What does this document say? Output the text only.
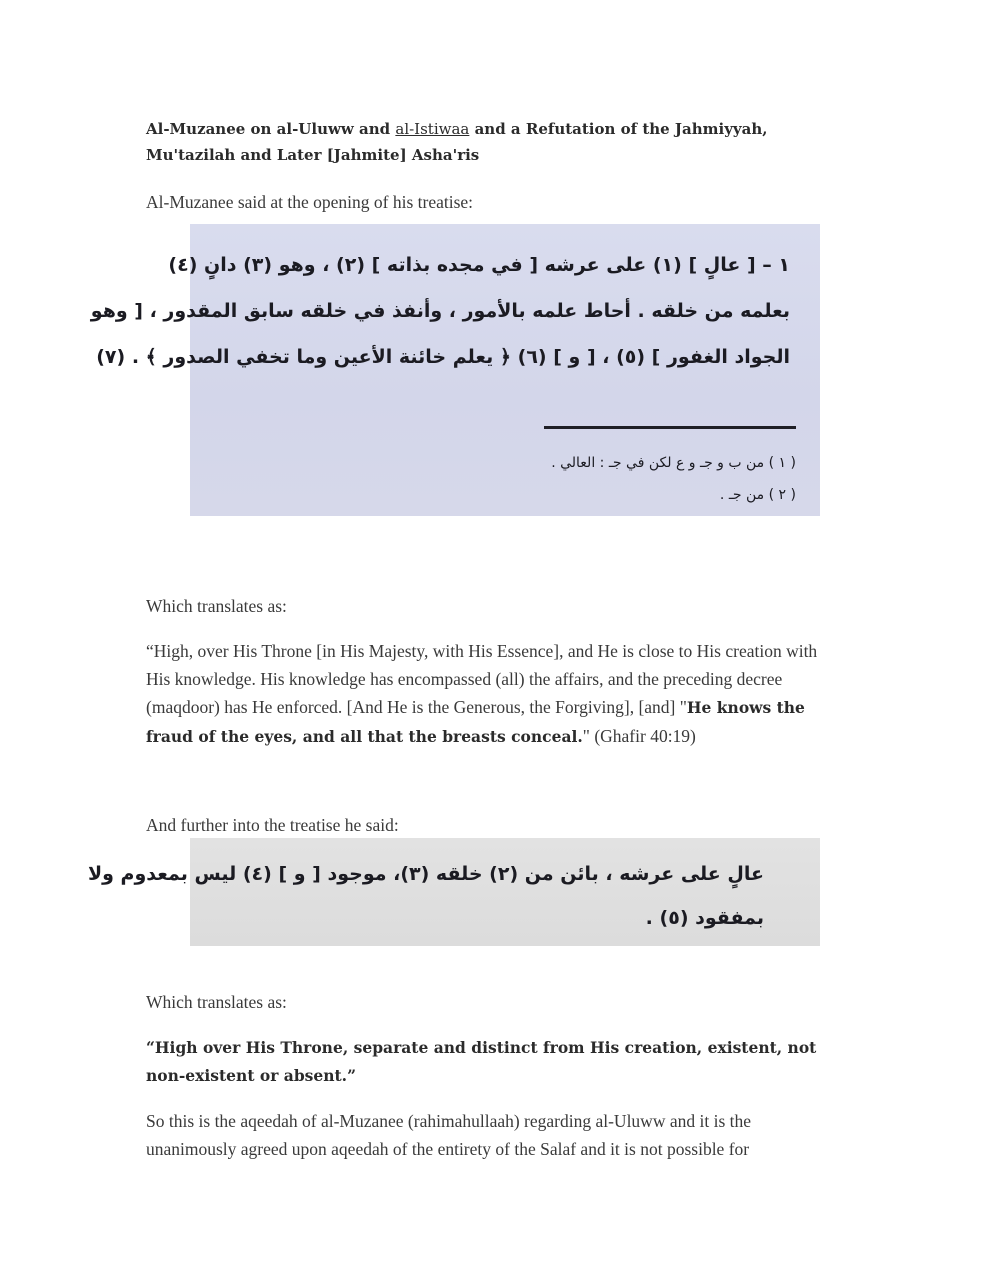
Al-Muzanee on al-Uluww and al-Istiwaa and a Refutation of the Jahmiyyah, Mu'tazilah and Later [Jahmite] Asha'ris

Al-Muzanee said at the opening of his treatise:

Which translates as:

“High, over His Throne [in His Majesty, with His Essence], and He is close to His creation with His knowledge. His knowledge has encompassed (all) the affairs, and the preceding decree (maqdoor) has He enforced. [And He is the Generous, the Forgiving], [and] "He knows the fraud of the eyes, and all that the breasts conceal." (Ghafir 40:19)

And further into the treatise he said:

Which translates as:

“High over His Throne, separate and distinct from His creation, existent, not non-existent or absent.”

So this is the aqeedah of al-Muzanee (rahimahullaah) regarding al-Uluww and it is the unanimously agreed upon aqeedah of the entirety of the Salaf and it is not possible for

١ – [ عالٍ ] (١) على عرشه [ في مجده بذاته ] (٢) ، وهو (٣) دانٍ (٤)
بعلمه من خلقه . أحاط علمه بالأمور ، وأنفذ في خلقه سابق المقدور ، [ وهو
الجواد الغفور ] (٥) ، [ و ] (٦) ﴿ يعلم خائنة الأعين وما تخفي الصدور ﴾ . (٧)
( ١ ) من ب و جـ و ع لكن في جـ : العالي .
( ٢ ) من جـ .
عالٍ على عرشه ، بائن من (٢) خلقه (٣)، موجود [ و ] (٤) ليس بمعدوم ولا
بمفقود (٥) .
